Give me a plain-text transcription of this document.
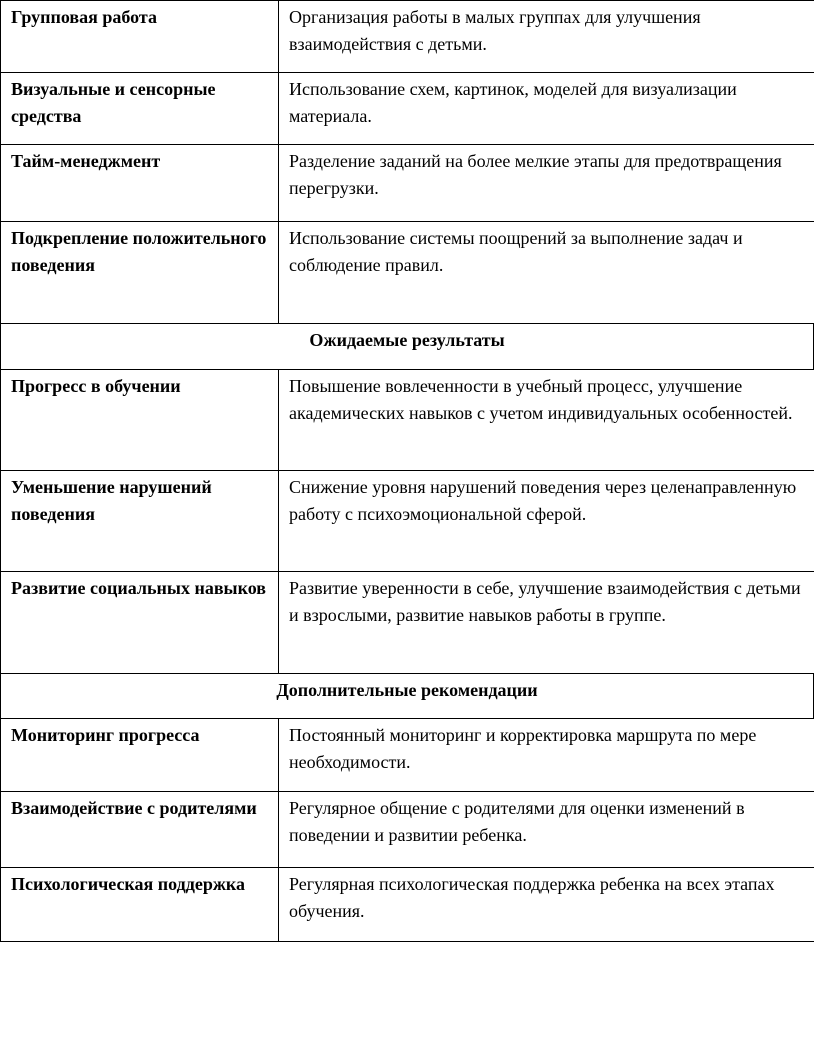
Групповая работа	Организация работы в малых группах для улучшения взаимодействия с детьми.

Визуальные и сенсорные средства	Использование схем, картинок, моделей для визуализации материала.

Тайм-менеджмент	Разделение заданий на более мелкие этапы для предотвращения перегрузки.

Подкрепление положительного поведения	Использование системы поощрений за выполнение задач и соблюдение правил.

Ожидаемые результаты	

Прогресс в обучении	Повышение вовлеченности в учебный процесс, улучшение академических навыков с учетом индивидуальных особенностей.

Уменьшение нарушений поведения	Снижение уровня нарушений поведения через целенаправленную работу с психоэмоциональной сферой.

Развитие социальных навыков	Развитие уверенности в себе, улучшение взаимодействия с детьми и взрослыми, развитие навыков работы в группе.

Дополнительные рекомендации	

Мониторинг прогресса	Постоянный мониторинг и корректировка маршрута по мере необходимости.

Взаимодействие с родителями	Регулярное общение с родителями для оценки изменений в поведении и развитии ребенка.

Психологическая поддержка	Регулярная психологическая поддержка ребенка на всех этапах обучения.
